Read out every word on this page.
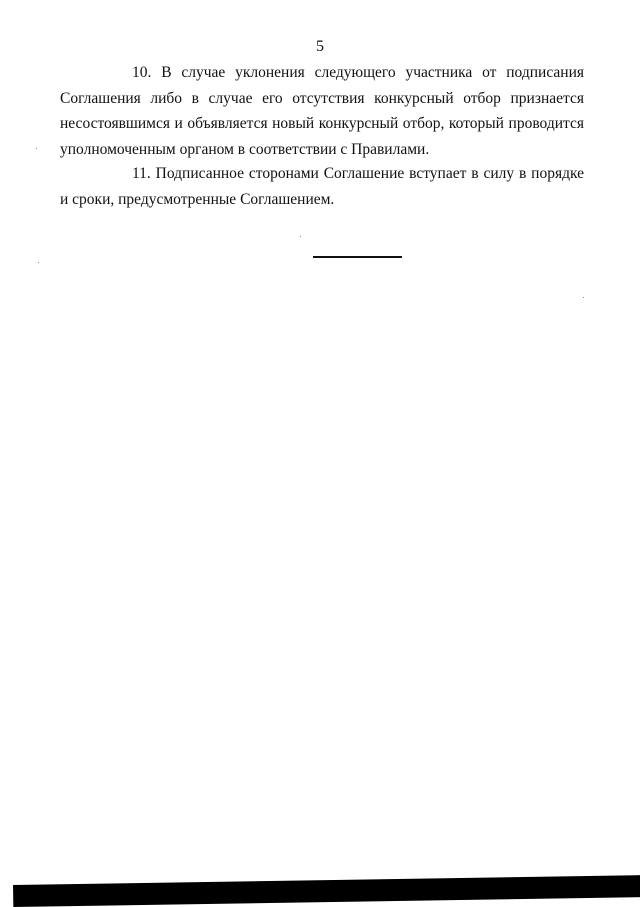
5
10. В случае уклонения следующего участника от подписания Соглашения либо в случае его отсутствия конкурсный отбор признается несостоявшимся и объявляется новый конкурсный отбор, который проводится уполномоченным органом в соответствии с Правилами.
11. Подписанное сторонами Соглашение вступает в силу в порядке и сроки, предусмотренные Соглашением.
